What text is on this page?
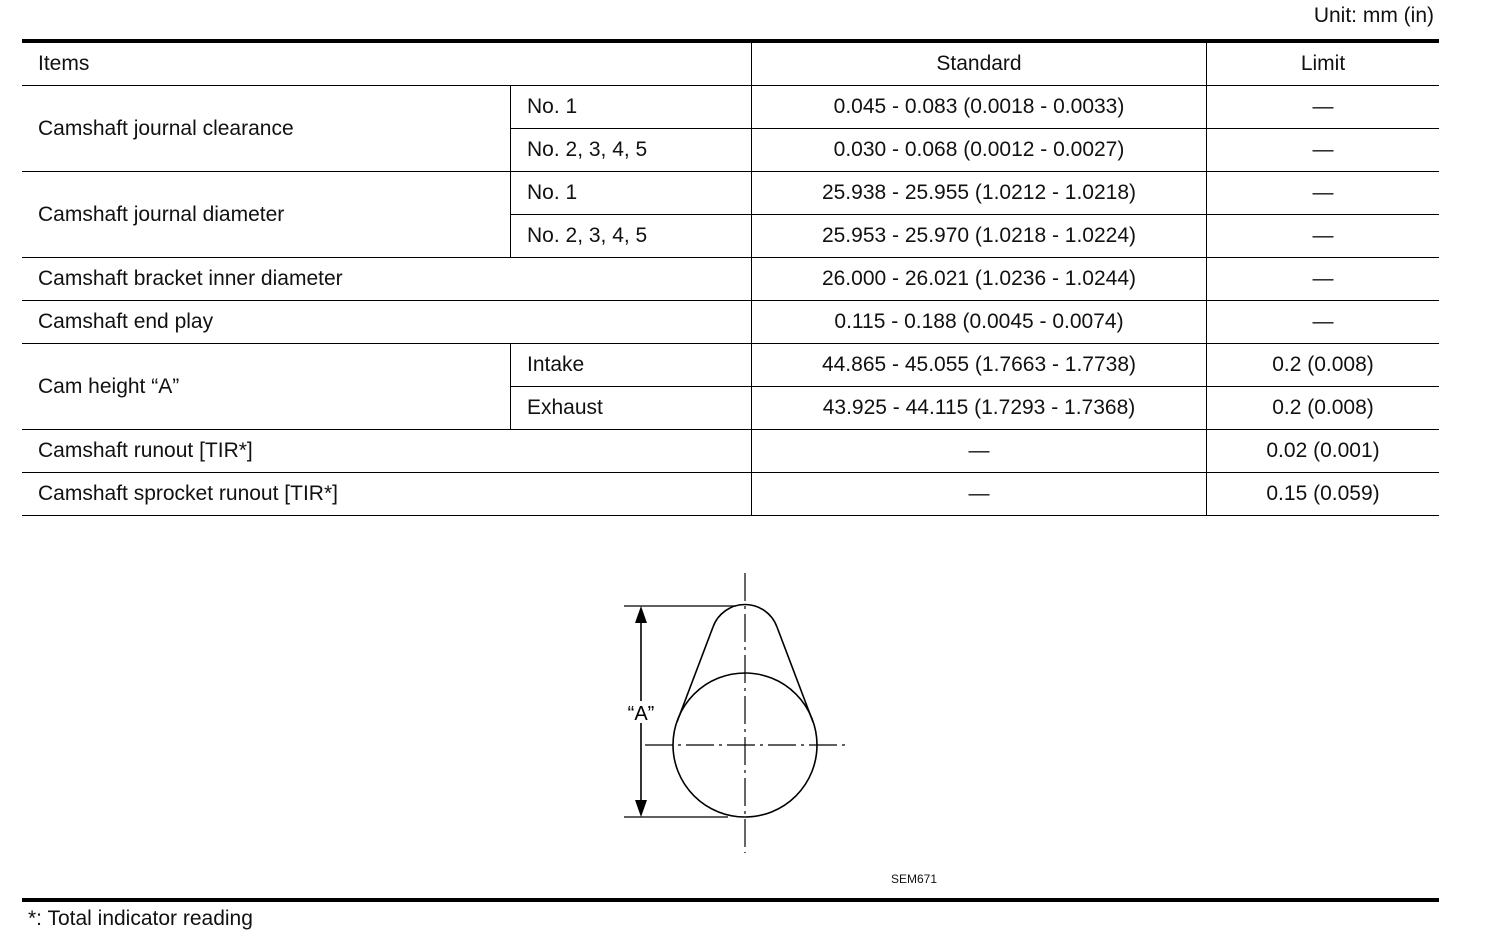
Unit: mm (in)
Items		Standard	Limit
Camshaft journal clearance	No. 1	0.045 - 0.083 (0.0018 - 0.0033)	—
	No. 2, 3, 4, 5	0.030 - 0.068 (0.0012 - 0.0027)	—
Camshaft journal diameter	No. 1	25.938 - 25.955 (1.0212 - 1.0218)	—
	No. 2, 3, 4, 5	25.953 - 25.970 (1.0218 - 1.0224)	—
Camshaft bracket inner diameter		26.000 - 26.021 (1.0236 - 1.0244)	—
Camshaft end play		0.115 - 0.188 (0.0045 - 0.0074)	—
Cam height “A”	Intake	44.865 - 45.055 (1.7663 - 1.7738)	0.2 (0.008)
	Exhaust	43.925 - 44.115 (1.7293 - 1.7368)	0.2 (0.008)
Camshaft runout [TIR*]		—	0.02 (0.001)
Camshaft sprocket runout [TIR*]		—	0.15 (0.059)
“A”
SEM671
*: Total indicator reading
